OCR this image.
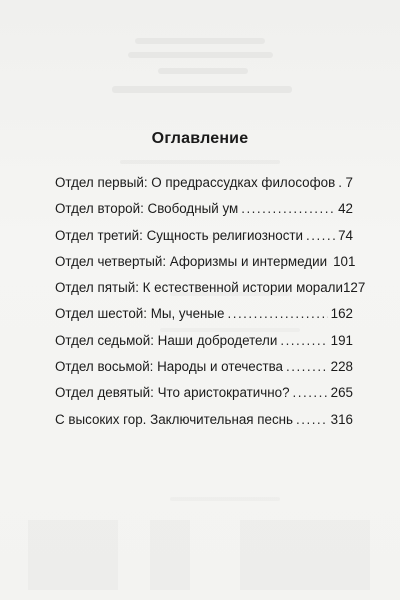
Оглавление
Отдел первый: О предрассудках философов ..... 7
Отдел второй: Свободный ум .....	42
Отдел третий: Сущность религиозности .....	74
Отдел четвертый: Афоризмы и интермедии 101
Отдел пятый: К естественной истории морали 127
Отдел шестой: Мы, ученые .....	162
Отдел седьмой: Наши добродетели .....	191
Отдел восьмой: Народы и отечества .....	228
Отдел девятый: Что аристократично? .....	265
С высоких гор. Заключительная песнь .....	316
